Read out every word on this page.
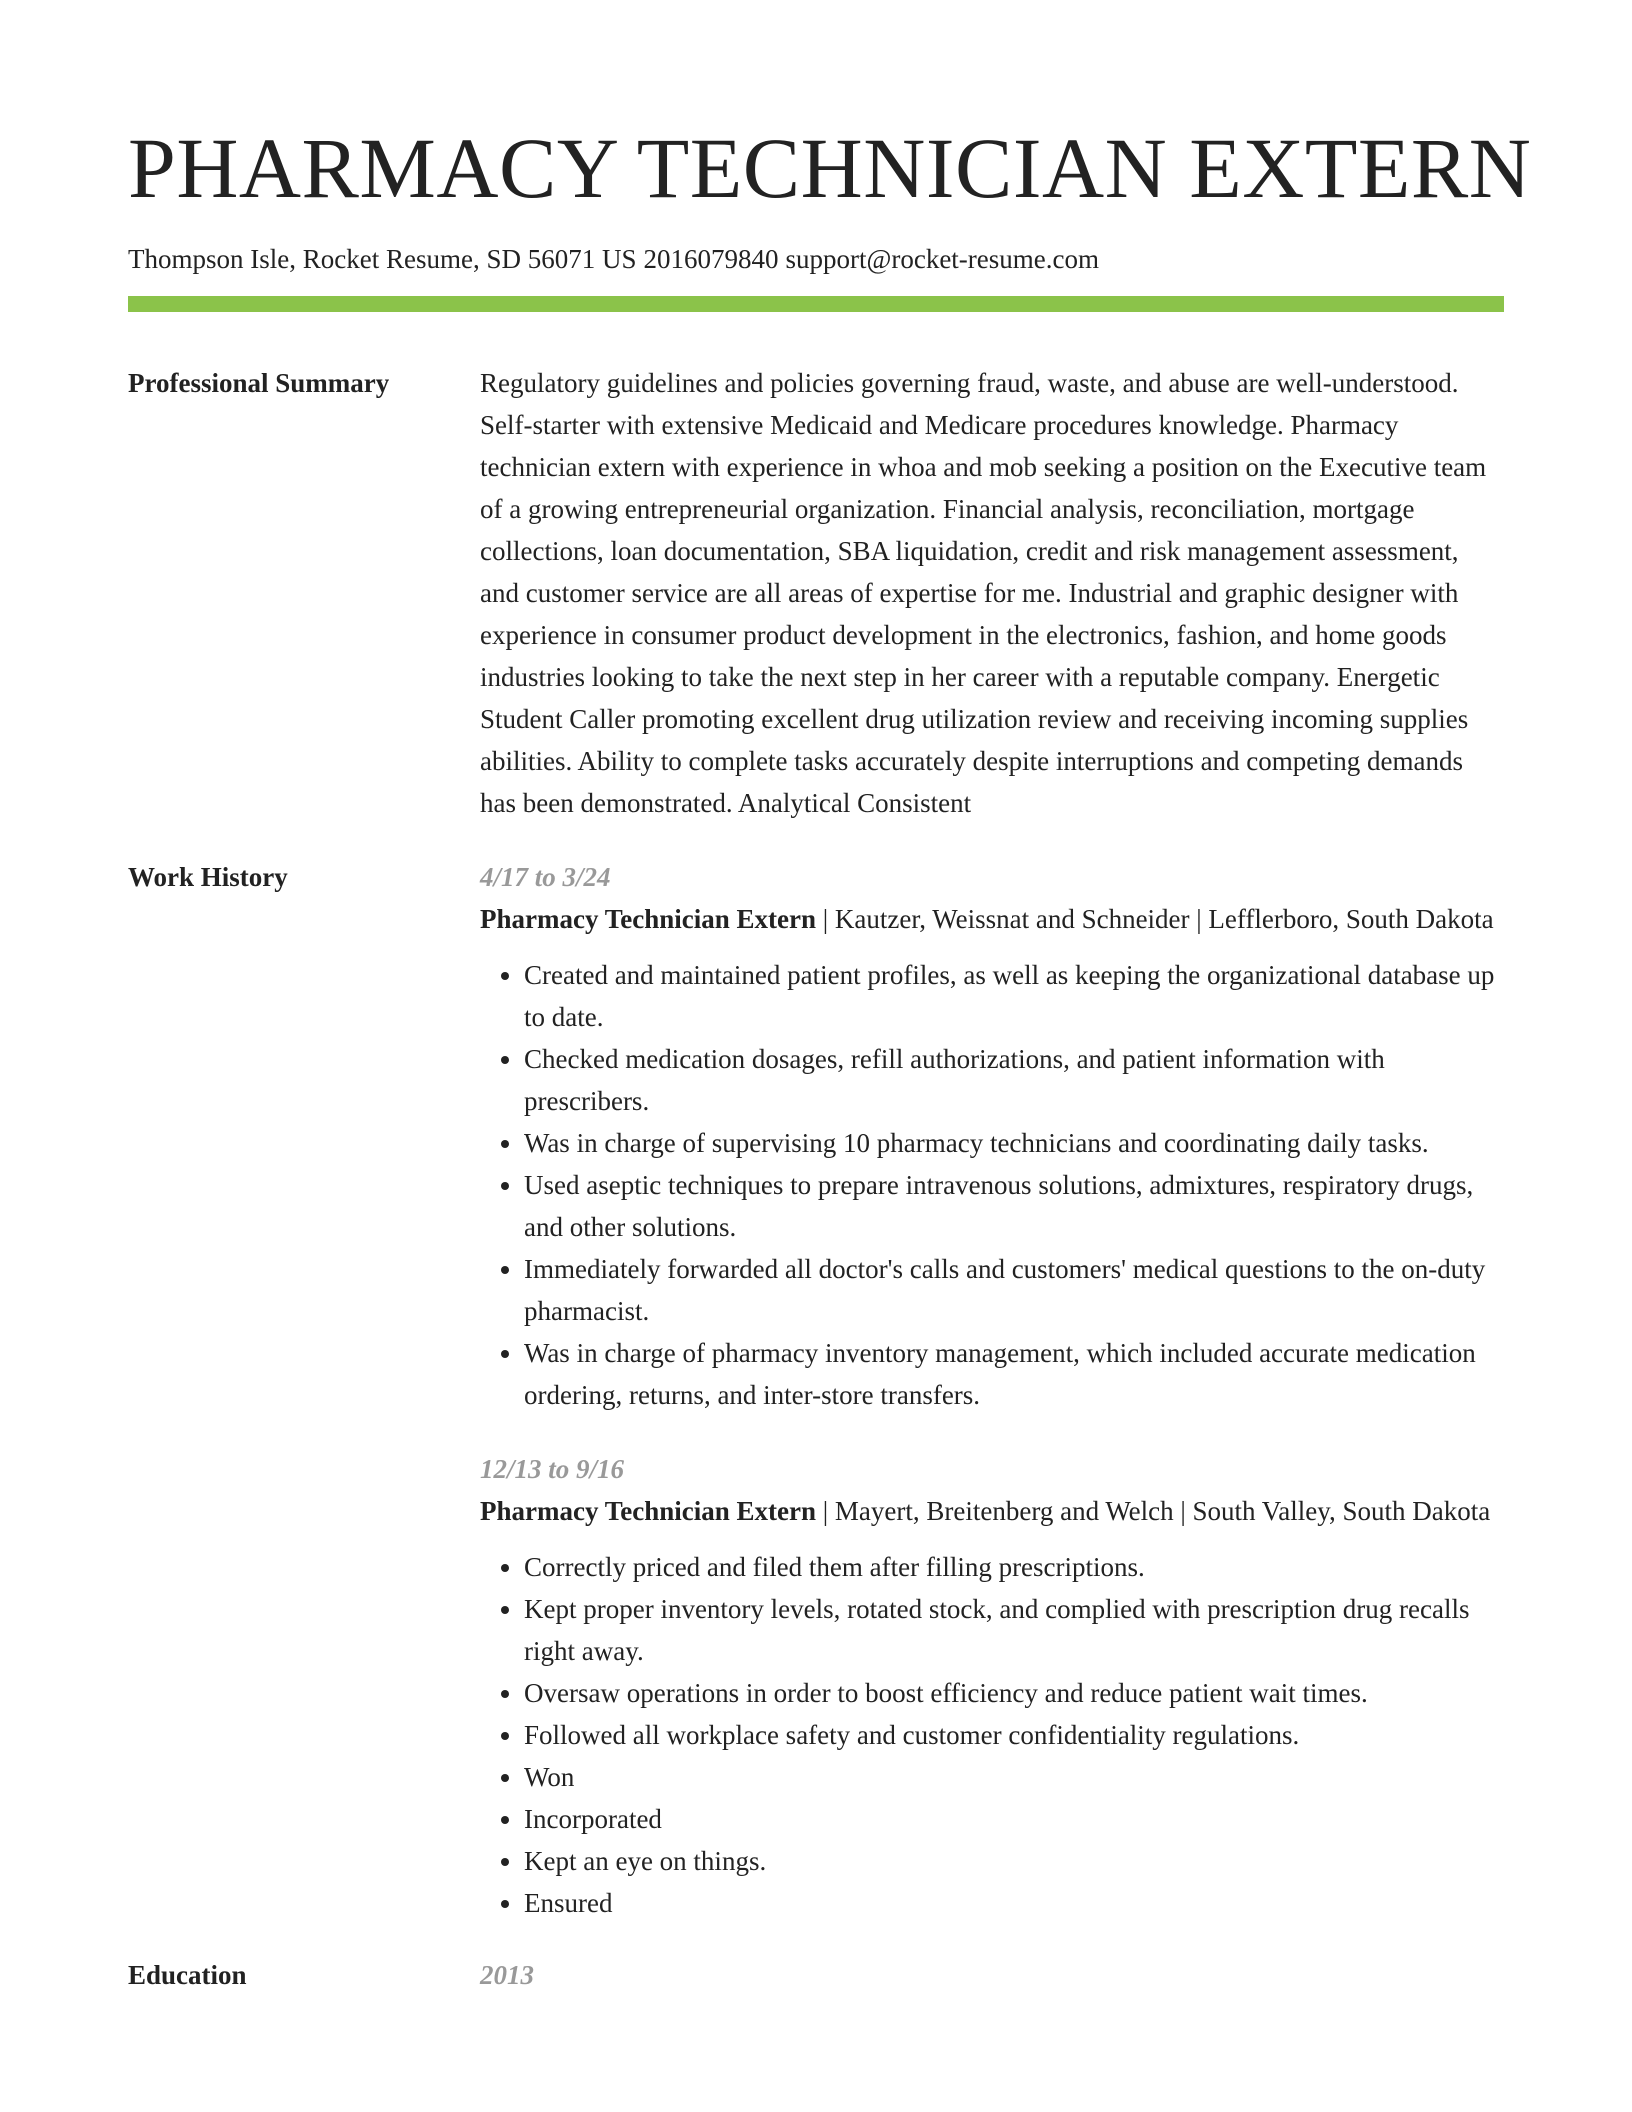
PHARMACY TECHNICIAN EXTERN
Thompson Isle, Rocket Resume, SD 56071 US 2016079840 support@rocket-resume.com
Professional Summary	Regulatory guidelines and policies governing fraud, waste, and abuse are well-understood. Self-starter with extensive Medicaid and Medicare procedures knowledge. Pharmacy technician extern with experience in whoa and mob seeking a position on the Executive team of a growing entrepreneurial organization. Financial analysis, reconciliation, mortgage collections, loan documentation, SBA liquidation, credit and risk management assessment, and customer service are all areas of expertise for me. Industrial and graphic designer with experience in consumer product development in the electronics, fashion, and home goods industries looking to take the next step in her career with a reputable company. Energetic Student Caller promoting excellent drug utilization review and receiving incoming supplies abilities. Ability to complete tasks accurately despite interruptions and competing demands has been demonstrated. Analytical Consistent

Work History	4/17 to 3/24
Pharmacy Technician Extern | Kautzer, Weissnat and Schneider | Lefflerboro, South Dakota
• Created and maintained patient profiles, as well as keeping the organizational database up to date.
• Checked medication dosages, refill authorizations, and patient information with prescribers.
• Was in charge of supervising 10 pharmacy technicians and coordinating daily tasks.
• Used aseptic techniques to prepare intravenous solutions, admixtures, respiratory drugs, and other solutions.
• Immediately forwarded all doctor's calls and customers' medical questions to the on-duty pharmacist.
• Was in charge of pharmacy inventory management, which included accurate medication ordering, returns, and inter-store transfers.
12/13 to 9/16
Pharmacy Technician Extern | Mayert, Breitenberg and Welch | South Valley, South Dakota
• Correctly priced and filed them after filling prescriptions.
• Kept proper inventory levels, rotated stock, and complied with prescription drug recalls right away.
• Oversaw operations in order to boost efficiency and reduce patient wait times.
• Followed all workplace safety and customer confidentiality regulations.
• Won
• Incorporated
• Kept an eye on things.
• Ensured
Education	2013
